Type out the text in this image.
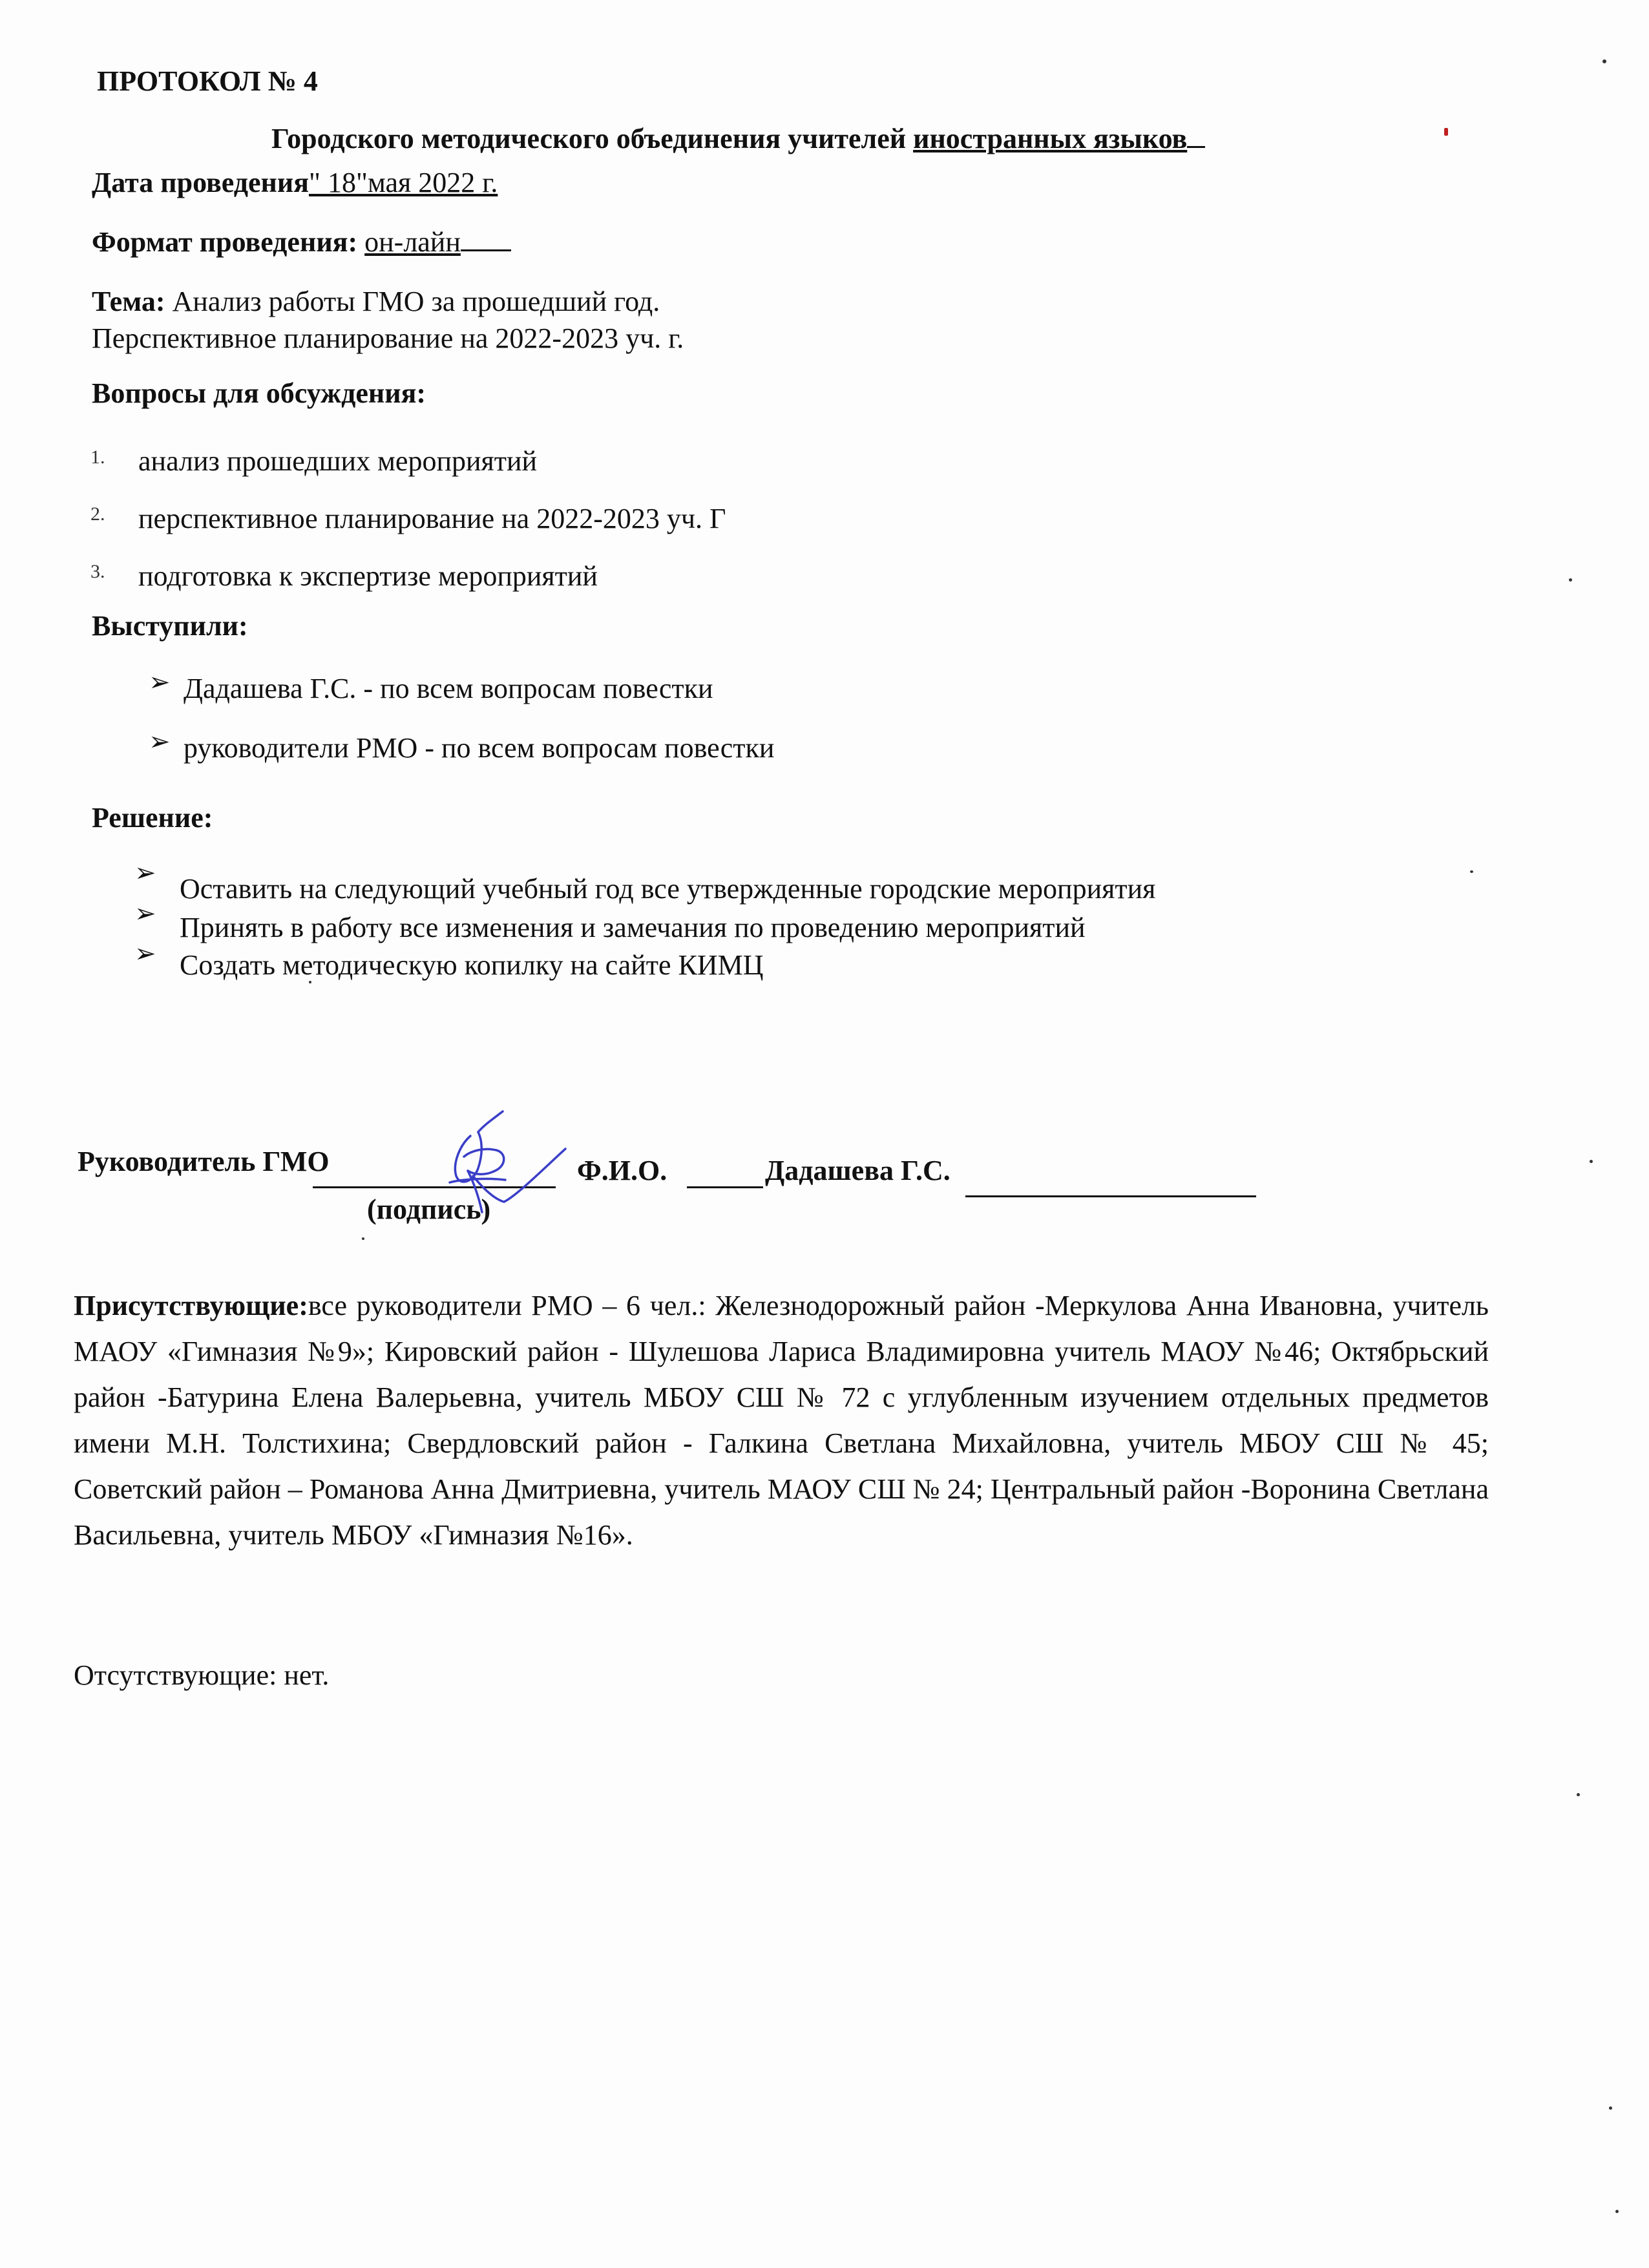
ПРОТОКОЛ № 4
Городского методического объединения учителей иностранных языков
Дата проведения" 18"мая 2022 г.
Формат проведения: он-лайн
Тема: Анализ работы ГМО за прошедший год.
Перспективное планирование на 2022-2023 уч. г.
Вопросы для обсуждения:
1. анализ прошедших мероприятий
2. перспективное планирование на 2022-2023 уч. Г
3. подготовка к экспертизе мероприятий
Выступили:
➢ Дадашева Г.С. - по всем вопросам повестки
➢ руководители РМО - по всем вопросам повестки
Решение:
➢ Оставить на следующий учебный год все утвержденные городские мероприятия
➢ Принять в работу все изменения и замечания по проведению мероприятий
➢ Создать методическую копилку на сайте КИМЦ
Руководитель ГМО
(подпись)
Ф.И.О.	Дадашева Г.С.
Присутствующие:все руководители РМО – 6 чел.: Железнодорожный район -Меркулова Анна Ивановна, учитель МАОУ «Гимназия №9»; Кировский район - Шулешова Лариса Владимировна учитель МАОУ №46; Октябрьский район -Батурина Елена Валерьевна, учитель МБОУ СШ № 72 с углубленным изучением отдельных предметов имени М.Н. Толстихина; Свердловский район - Галкина Светлана Михайловна, учитель МБОУ СШ № 45; Советский район – Романова Анна Дмитриевна, учитель МАОУ СШ № 24; Центральный район -Воронина Светлана Васильевна, учитель МБОУ «Гимназия №16».
Отсутствующие: нет.
